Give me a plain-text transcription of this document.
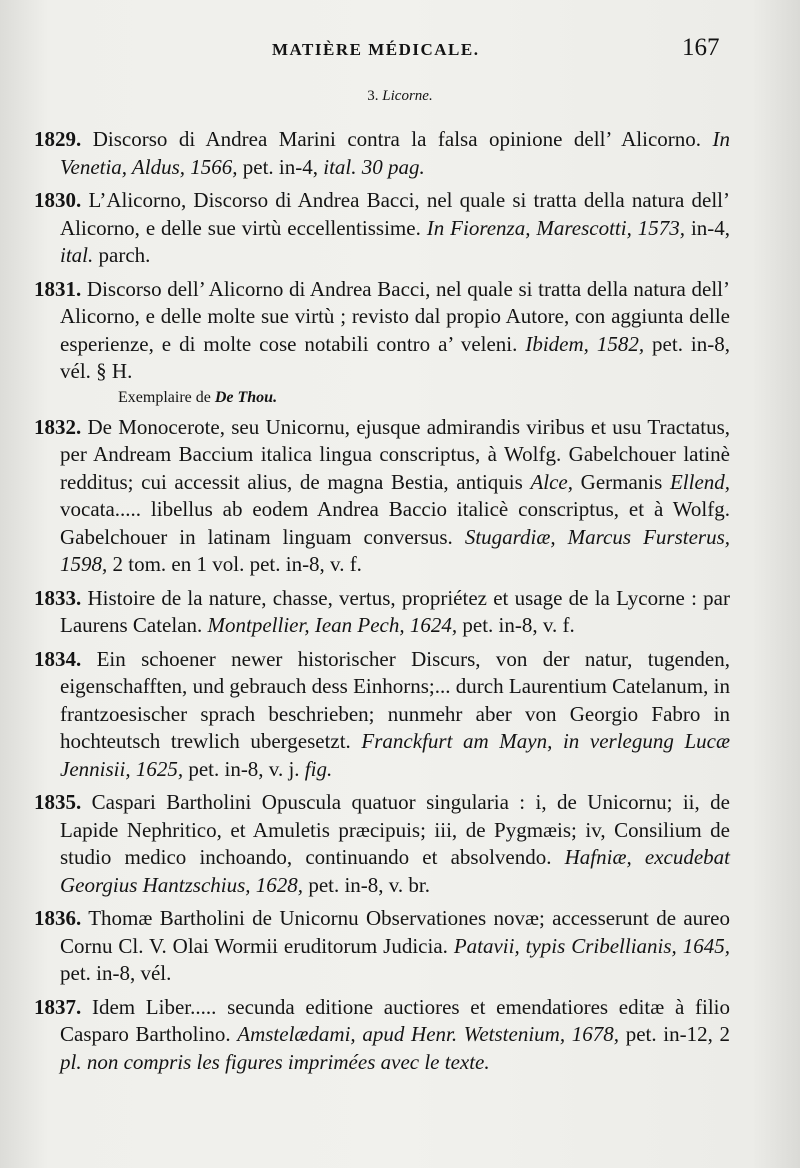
MATIÈRE MÉDICALE.	167
3. Licorne.

1829. Discorso di Andrea Marini contra la falsa opinione dell’ Alicorno. In Venetia, Aldus, 1566, pet. in-4, ital. 30 pag.

1830. L’Alicorno, Discorso di Andrea Bacci, nel quale si tratta della natura dell’ Alicorno, e delle sue virtù eccellentissime. In Fiorenza, Marescotti, 1573, in-4, ital. parch.

1831. Discorso dell’ Alicorno di Andrea Bacci, nel quale si tratta della natura dell’ Alicorno, e delle molte sue virtù ; revisto dal propio Autore, con aggiunta delle esperienze, e di molte cose notabili contro a’ veleni. Ibidem, 1582, pet. in-8, vél. § H.

Exemplaire de De Thou.

1832. De Monocerote, seu Unicornu, ejusque admirandis viribus et usu Tractatus, per Andream Baccium italica lingua conscriptus, à Wolfg. Gabelchouer latinè redditus; cui accessit alius, de magna Bestia, antiquis Alce, Germanis Ellend, vocata..... libellus ab eodem Andrea Baccio italicè conscriptus, et à Wolfg. Gabelchouer in latinam linguam conversus. Stugardiæ, Marcus Fursterus, 1598, 2 tom. en 1 vol. pet. in-8, v. f.

1833. Histoire de la nature, chasse, vertus, propriétez et usage de la Lycorne : par Laurens Catelan. Montpellier, Iean Pech, 1624, pet. in-8, v. f.

1834. Ein schoener newer historischer Discurs, von der natur, tugenden, eigenschafften, und gebrauch dess Einhorns;... durch Laurentium Catelanum, in frantzoesischer sprach beschrieben; nunmehr aber von Georgio Fabro in hochteutsch trewlich ubergesetzt. Franckfurt am Mayn, in verlegung Lucæ Jennisii, 1625, pet. in-8, v. j. fig.

1835. Caspari Bartholini Opuscula quatuor singularia : i, de Unicornu; ii, de Lapide Nephritico, et Amuletis præcipuis; iii, de Pygmæis; iv, Consilium de studio medico inchoando, continuando et absolvendo. Hafniæ, excudebat Georgius Hantzschius, 1628, pet. in-8, v. br.

1836. Thomæ Bartholini de Unicornu Observationes novæ; accesserunt de aureo Cornu Cl. V. Olai Wormii eruditorum Judicia. Patavii, typis Cribellianis, 1645, pet. in-8, vél.

1837. Idem Liber..... secunda editione auctiores et emendatiores editæ à filio Casparo Bartholino. Amstelædami, apud Henr. Wetstenium, 1678, pet. in-12, 2 pl. non compris les figures imprimées avec le texte.
